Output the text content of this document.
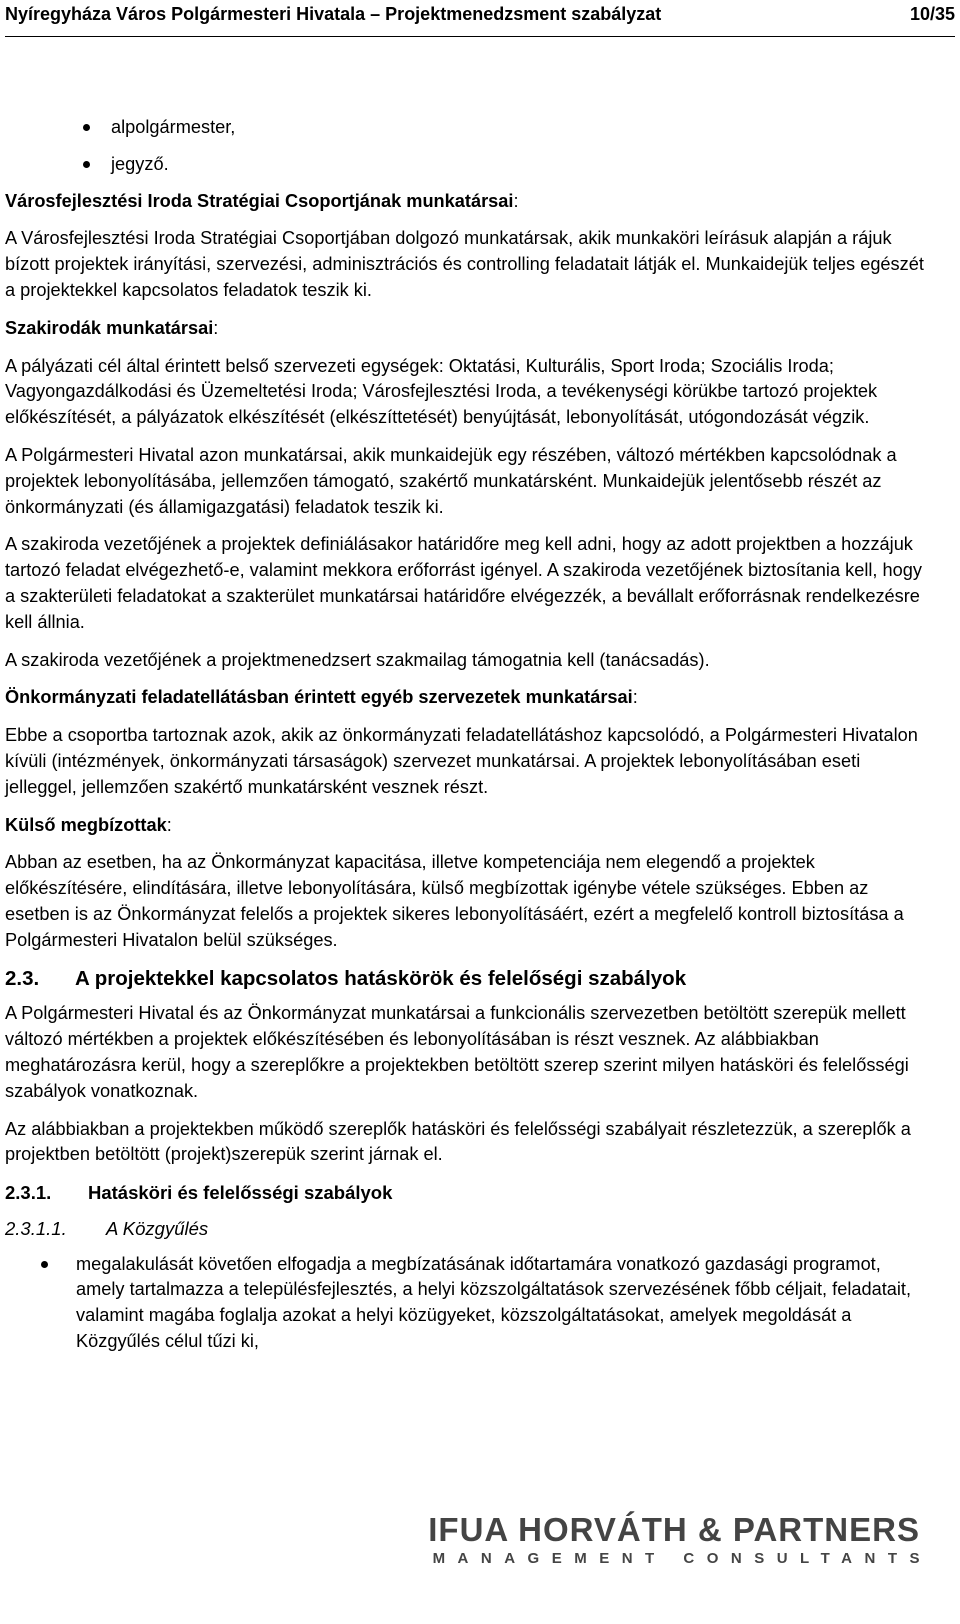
Nyíregyháza Város Polgármesteri Hivatala – Projektmenedzsment szabályzat	10/35
alpolgármester,
jegyző.

Városfejlesztési Iroda Stratégiai Csoportjának munkatársai:

A Városfejlesztési Iroda Stratégiai Csoportjában dolgozó munkatársak, akik munkaköri leírásuk alapján a rájuk bízott projektek irányítási, szervezési, adminisztrációs és controlling feladatait látják el. Munkaidejük teljes egészét a projektekkel kapcsolatos feladatok teszik ki.

Szakirodák munkatársai:

A pályázati cél által érintett belső szervezeti egységek: Oktatási, Kulturális, Sport Iroda; Szociális Iroda; Vagyongazdálkodási és Üzemeltetési Iroda; Városfejlesztési Iroda, a tevékenységi körükbe tartozó projektek előkészítését, a pályázatok elkészítését (elkészíttetését) benyújtását, lebonyolítását, utógondozását végzik.

A Polgármesteri Hivatal azon munkatársai, akik munkaidejük egy részében, változó mértékben kapcsolódnak a projektek lebonyolításába, jellemzően támogató, szakértő munkatársként. Munkaidejük jelentősebb részét az önkormányzati (és államigazgatási) feladatok teszik ki.

A szakiroda vezetőjének a projektek definiálásakor határidőre meg kell adni, hogy az adott projektben a hozzájuk tartozó feladat elvégezhető-e, valamint mekkora erőforrást igényel. A szakiroda vezetőjének biztosítania kell, hogy a szakterületi feladatokat a szakterület munkatársai határidőre elvégezzék, a bevállalt erőforrásnak rendelkezésre kell állnia.

A szakiroda vezetőjének a projektmenedzsert szakmailag támogatnia kell (tanácsadás).

Önkormányzati feladatellátásban érintett egyéb szervezetek munkatársai:

Ebbe a csoportba tartoznak azok, akik az önkormányzati feladatellátáshoz kapcsolódó, a Polgármesteri Hivatalon kívüli (intézmények, önkormányzati társaságok) szervezet munkatársai. A projektek lebonyolításában eseti jelleggel, jellemzően szakértő munkatársként vesznek részt.

Külső megbízottak:

Abban az esetben, ha az Önkormányzat kapacitása, illetve kompetenciája nem elegendő a projektek előkészítésére, elindítására, illetve lebonyolítására, külső megbízottak igénybe vétele szükséges. Ebben az esetben is az Önkormányzat felelős a projektek sikeres lebonyolításáért, ezért a megfelelő kontroll biztosítása a Polgármesteri Hivatalon belül szükséges.

2.3.	A projektekkel kapcsolatos hatáskörök és felelőségi szabályok

A Polgármesteri Hivatal és az Önkormányzat munkatársai a funkcionális szervezetben betöltött szerepük mellett változó mértékben a projektek előkészítésében és lebonyolításában is részt vesznek. Az alábbiakban meghatározásra kerül, hogy a szereplőkre a projektekben betöltött szerep szerint milyen hatásköri és felelősségi szabályok vonatkoznak.

Az alábbiakban a projektekben működő szereplők hatásköri és felelősségi szabályait részletezzük, a szereplők a projektben betöltött (projekt)szerepük szerint járnak el.

2.3.1.	Hatásköri és felelősségi szabályok
2.3.1.1.	A Közgyűlés
megalakulását követően elfogadja a megbízatásának időtartamára vonatkozó gazdasági programot, amely tartalmazza a településfejlesztés, a helyi közszolgáltatások szervezésének főbb céljait, feladatait, valamint magába foglalja azokat a helyi közügyeket, közszolgáltatásokat, amelyek megoldását a Közgyűlés célul tűzi ki,
IFUA HORVÁTH & PARTNERS
MANAGEMENT CONSULTANTS
